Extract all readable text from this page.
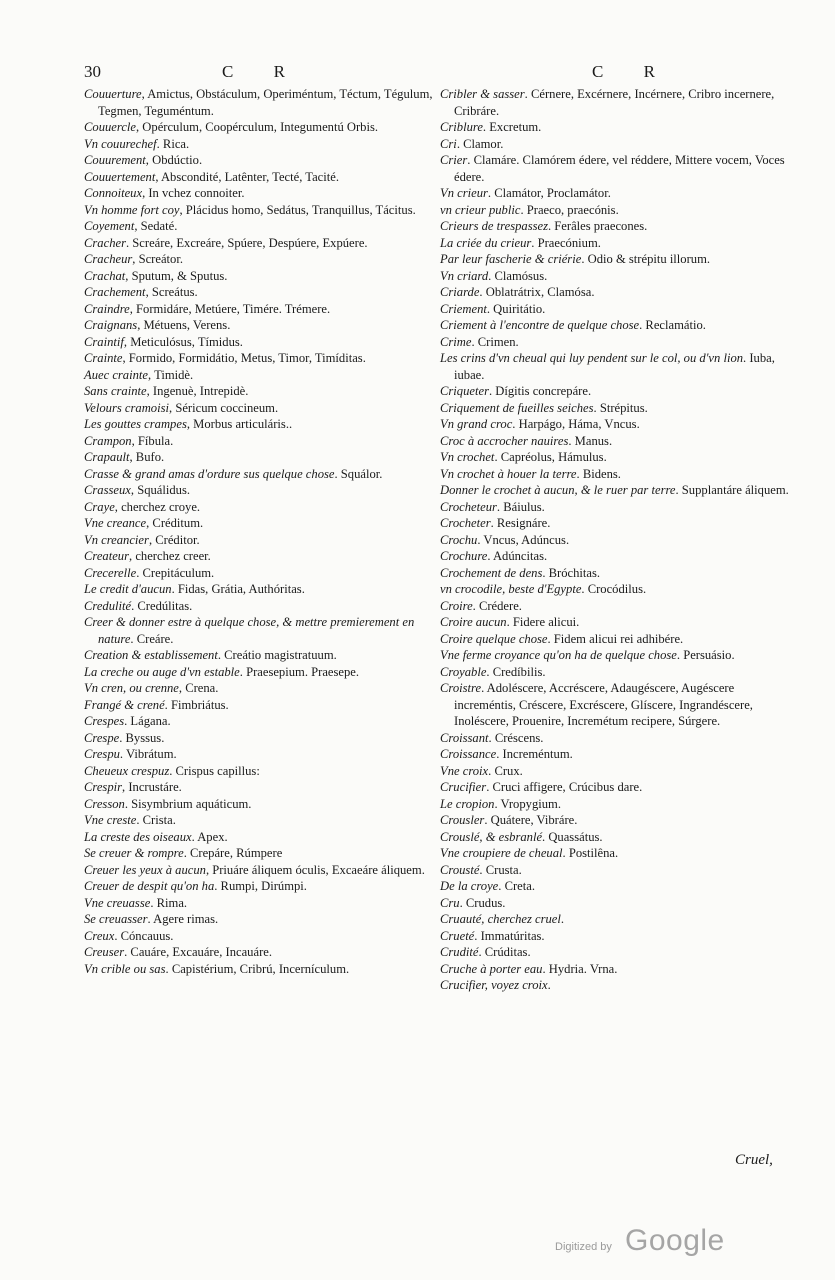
30	C R	C R

Couuerture, Amictus, Obstáculum, Operiméntum, Téctum, Tégulum, Tegmen, Teguméntum.

Couuercle, Opérculum, Coopérculum, Integumentú Orbis.

Vn couurechef. Rica.

Couurement, Obdúctio.

Couuertement, Abscondité, Latênter, Tecté, Tacité.

Connoiteux, In vchez connoiter.

Vn homme fort coy, Plácidus homo, Sedátus, Tranquillus, Tácitus.

Coyement, Sedaté.

Cracher. Screáre, Excreáre, Spúere, Despúere, Expúere.

Cracheur, Screátor.

Crachat, Sputum, & Sputus.

Crachement, Screátus.

Craindre, Formidáre, Metúere, Timére. Trémere.

Craignans, Métuens, Verens.

Craintif, Meticulósus, Tímidus.

Crainte, Formido, Formidátio, Metus, Timor, Timíditas.

Auec crainte, Timidè.

Sans crainte, Ingenuè, Intrepidè.

Velours cramoisi, Séricum coccineum.

Les gouttes crampes, Morbus articuláris..

Crampon, Fíbula.

Crapault, Bufo.

Crasse & grand amas d'ordure sus quelque chose. Squálor.

Crasseux, Squálidus.

Craye, cherchez croye.

Vne creance, Créditum.

Vn creancier, Créditor.

Createur, cherchez creer.

Crecerelle. Crepitáculum.

Le credit d'aucun. Fidas, Grátia, Authóritas.

Credulité. Credúlitas.

Creer & donner estre à quelque chose, & mettre premierement en nature. Creáre.

Creation & establissement. Creátio magistratuum.

La creche ou auge d'vn estable. Praesepium. Praesepe.

Vn cren, ou crenne, Crena.

Frangé & crené. Fimbriátus.

Crespes. Lágana.

Crespe. Byssus.

Crespu. Vibrátum.

Cheueux crespuz. Crispus capillus:

Crespir, Incrustáre.

Cresson. Sisymbrium aquáticum.

Vne creste. Crista.

La creste des oiseaux. Apex.

Se creuer & rompre. Crepáre, Rúmpere

Creuer les yeux à aucun, Priuáre áliquem óculis, Excaeáre áliquem.

Creuer de despit qu'on ha. Rumpi, Dirúmpi.

Vne creuasse. Rima.

Se creuasser. Agere rimas.

Creux. Cóncauus.

Creuser. Cauáre, Excauáre, Incauáre.

Vn crible ou sas. Capistérium, Cribrú, Incernículum.

Cribler & sasser. Cérnere, Excérnere, Incérnere, Cribro incernere, Cribráre.

Criblure. Excretum.

Cri. Clamor.

Crier. Clamáre. Clamórem édere, vel réddere, Mittere vocem, Voces édere.

Vn crieur. Clamátor, Proclamátor.

vn crieur public. Praeco, praecónis.

Crieurs de trespassez. Ferâles praecones.

La criée du crieur. Praecónium.

Par leur fascherie & criérie. Odio & strépitu illorum.

Vn criard. Clamósus.

Criarde. Oblatrátrix, Clamósa.

Criement. Quiritátio.

Criement à l'encontre de quelque chose. Reclamátio.

Crime. Crimen.

Les crins d'vn cheual qui luy pendent sur le col, ou d'vn lion. Iuba, iubae.

Criqueter. Dígitis concrepáre.

Criquement de fueilles seiches. Strépitus.

Vn grand croc. Harpágo, Háma, Vncus.

Croc à accrocher nauires. Manus.

Vn crochet. Capréolus, Hámulus.

Vn crochet à houer la terre. Bidens.

Donner le crochet à aucun, & le ruer par terre. Supplantáre áliquem.

Crocheteur. Báiulus.

Crocheter. Resignáre.

Crochu. Vncus, Adúncus.

Crochure. Adúncitas.

Crochement de dens. Bróchitas.

vn crocodile, beste d'Egypte. Crocódilus.

Croire. Crédere.

Croire aucun. Fidere alicui.

Croire quelque chose. Fidem alicui rei adhibére.

Vne ferme croyance qu'on ha de quelque chose. Persuásio.

Croyable. Credíbilis.

Croistre. Adoléscere, Accréscere, Adaugéscere, Augéscere increméntis, Créscere, Excréscere, Glíscere, Ingrandéscere, Inoléscere, Prouenire, Incremétum recipere, Súrgere.

Croissant. Créscens.

Croissance. Increméntum.

Vne croix. Crux.

Crucifier. Cruci affigere, Crúcibus dare.

Le cropion. Vropygium.

Crousler. Quátere, Vibráre.

Crouslé, & esbranlé. Quassátus.

Vne croupiere de cheual. Postilêna.

Crousté. Crusta.

De la croye. Creta.

Cru. Crudus.

Cruauté, cherchez cruel.

Crueté. Immatúritas.

Crudité. Crúditas.

Cruche à porter eau. Hydria. Vrna.

Crucifier, voyez croix.

Cruel,
Digitized by Google
